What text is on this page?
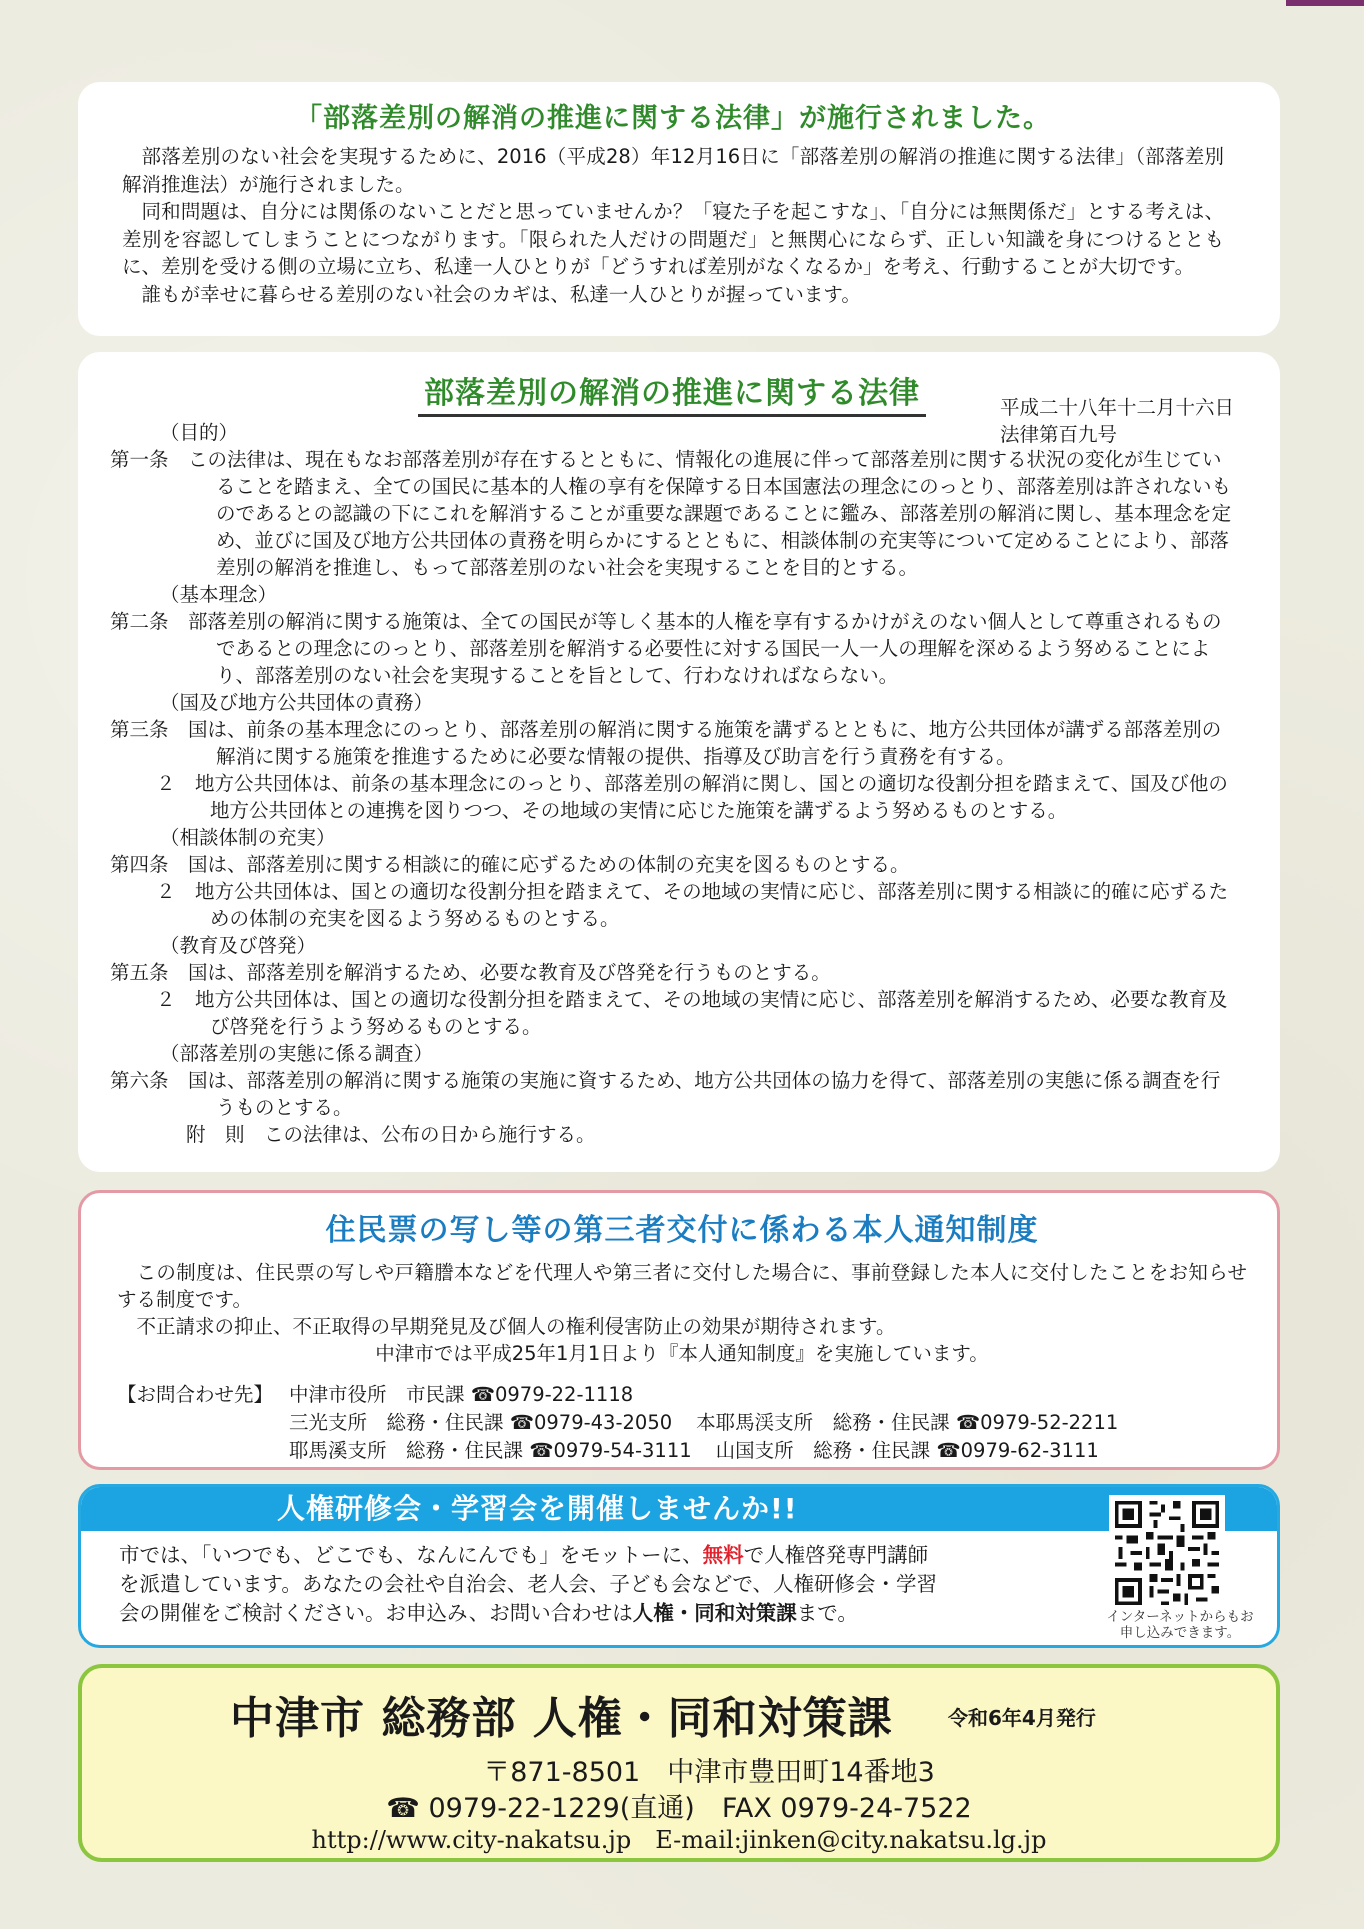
「部落差別の解消の推進に関する法律」が施行されました。

部落差別のない社会を実現するために、2016（平成28）年12月16日に「部落差別の解消の推進に関する法律」（部落差別解消推進法）が施行されました。

同和問題は、自分には関係のないことだと思っていませんか？「寝た子を起こすな」、「自分には無関係だ」とする考えは、差別を容認してしまうことにつながります。「限られた人だけの問題だ」と無関心にならず、正しい知識を身につけるとともに、差別を受ける側の立場に立ち、私達一人ひとりが「どうすれば差別がなくなるか」を考え、行動することが大切です。

誰もが幸せに暮らせる差別のない社会のカギは、私達一人ひとりが握っています。

部落差別の解消の推進に関する法律	平成二十八年十二月十六日
法律第百九号
（目的）
第一条　この法律は、現在もなお部落差別が存在するとともに、情報化の進展に伴って部落差別に関する状況の変化が生じていることを踏まえ、全ての国民に基本的人権の享有を保障する日本国憲法の理念にのっとり、部落差別は許されないものであるとの認識の下にこれを解消することが重要な課題であることに鑑み、部落差別の解消に関し、基本理念を定め、並びに国及び地方公共団体の責務を明らかにするとともに、相談体制の充実等について定めることにより、部落差別の解消を推進し、もって部落差別のない社会を実現することを目的とする。
（基本理念）
第二条　部落差別の解消に関する施策は、全ての国民が等しく基本的人権を享有するかけがえのない個人として尊重されるものであるとの理念にのっとり、部落差別を解消する必要性に対する国民一人一人の理解を深めるよう努めることにより、部落差別のない社会を実現することを旨として、行わなければならない。
（国及び地方公共団体の責務）
第三条　国は、前条の基本理念にのっとり、部落差別の解消に関する施策を講ずるとともに、地方公共団体が講ずる部落差別の解消に関する施策を推進するために必要な情報の提供、指導及び助言を行う責務を有する。
２　地方公共団体は、前条の基本理念にのっとり、部落差別の解消に関し、国との適切な役割分担を踏まえて、国及び他の地方公共団体との連携を図りつつ、その地域の実情に応じた施策を講ずるよう努めるものとする。
（相談体制の充実）
第四条　国は、部落差別に関する相談に的確に応ずるための体制の充実を図るものとする。
２　地方公共団体は、国との適切な役割分担を踏まえて、その地域の実情に応じ、部落差別に関する相談に的確に応ずるための体制の充実を図るよう努めるものとする。
（教育及び啓発）
第五条　国は、部落差別を解消するため、必要な教育及び啓発を行うものとする。
２　地方公共団体は、国との適切な役割分担を踏まえて、その地域の実情に応じ、部落差別を解消するため、必要な教育及び啓発を行うよう努めるものとする。
（部落差別の実態に係る調査）
第六条　国は、部落差別の解消に関する施策の実施に資するため、地方公共団体の協力を得て、部落差別の実態に係る調査を行うものとする。
附　則　この法律は、公布の日から施行する。
住民票の写し等の第三者交付に係わる本人通知制度

この制度は、住民票の写しや戸籍謄本などを代理人や第三者に交付した場合に、事前登録した本人に交付したことをお知らせする制度です。

不正請求の抑止、不正取得の早期発見及び個人の権利侵害防止の効果が期待されます。

中津市では平成25年1月1日より『本人通知制度』を実施しています。

【お問合わせ先】 中津市役所　市民課 ☎0979-22-1118
三光支所　総務・住民課 ☎0979-43-2050 本耶馬渓支所　総務・住民課 ☎0979-52-2211
耶馬溪支所　総務・住民課 ☎0979-54-3111 山国支所　総務・住民課 ☎0979-62-3111
人権研修会・学習会を開催しませんか!!
市では、「いつでも、どこでも、なんにんでも」をモットーに、無料で人権啓発専門講師を派遣しています。あなたの会社や自治会、老人会、子ども会などで、人権研修会・学習会の開催をご検討ください。お申込み、お問い合わせは人権・同和対策課まで。	インターネットからもお申し込みできます。
中津市 総務部 人権・同和対策課	令和6年4月発行
〒871-8501　中津市豊田町14番地3
☎ 0979-22-1229(直通)　FAX 0979-24-7522
http://www.city-nakatsu.jp　E-mail:jinken@city.nakatsu.lg.jp
